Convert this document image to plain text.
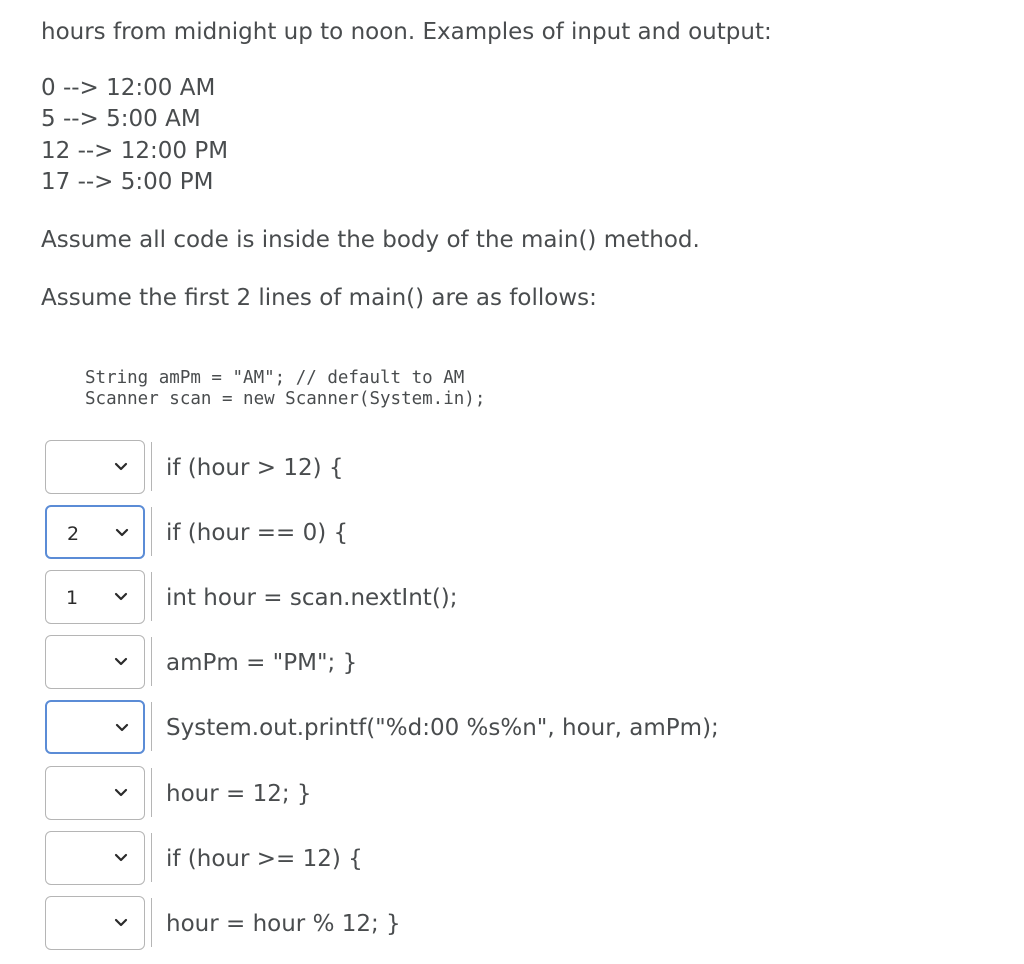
hours from midnight up to noon. Examples of input and output:
0 --> 12:00 AM
5 --> 5:00 AM
12 --> 12:00 PM
17 --> 5:00 PM
Assume all code is inside the body of the main() method.
Assume the first 2 lines of main() are as follows:
String amPm = "AM"; // default to AM
Scanner scan = new Scanner(System.in);
if (hour > 12) {
2	if (hour == 0) {
1	int hour = scan.nextInt();
amPm = "PM"; }
System.out.printf("%d:00 %s%n", hour, amPm);
hour = 12; }
if (hour >= 12) {
hour = hour % 12; }
